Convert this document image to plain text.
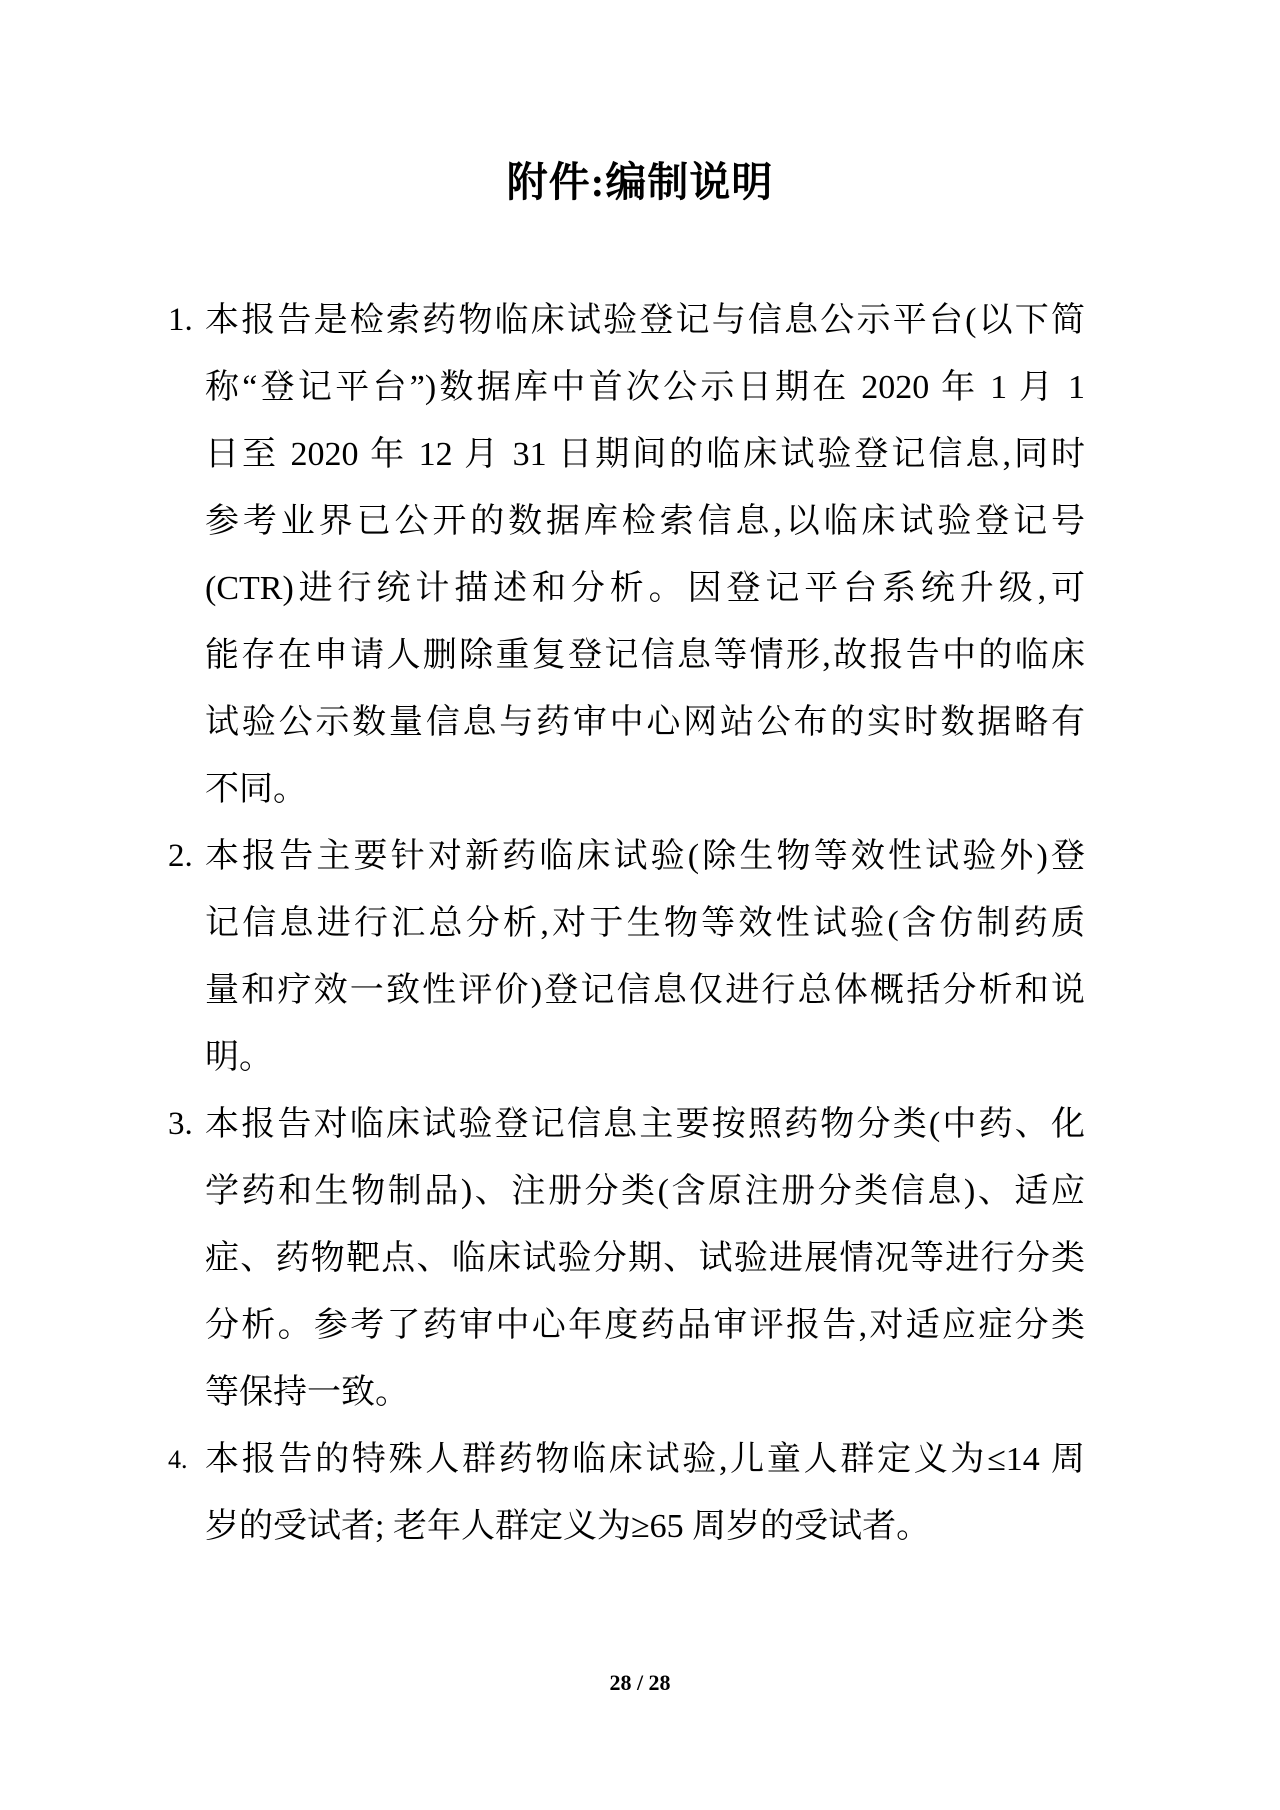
附件:编制说明
1. 本报告是检索药物临床试验登记与信息公示平台(以下简
称“登记平台”)数据库中首次公示日期在 2020 年 1 月 1
日至 2020 年 12 月 31 日期间的临床试验登记信息,同时
参考业界已公开的数据库检索信息,以临床试验登记号
(CTR)进行统计描述和分析。因登记平台系统升级,可
能存在申请人删除重复登记信息等情形,故报告中的临床
试验公示数量信息与药审中心网站公布的实时数据略有
不同。
2. 本报告主要针对新药临床试验(除生物等效性试验外)登
记信息进行汇总分析,对于生物等效性试验(含仿制药质
量和疗效一致性评价)登记信息仅进行总体概括分析和说
明。
3. 本报告对临床试验登记信息主要按照药物分类(中药、化
学药和生物制品)、注册分类(含原注册分类信息)、适应
症、药物靶点、临床试验分期、试验进展情况等进行分类
分析。参考了药审中心年度药品审评报告,对适应症分类
等保持一致。
4. 本报告的特殊人群药物临床试验,儿童人群定义为≤14 周
岁的受试者; 老年人群定义为≥65 周岁的受试者。
28 / 28
